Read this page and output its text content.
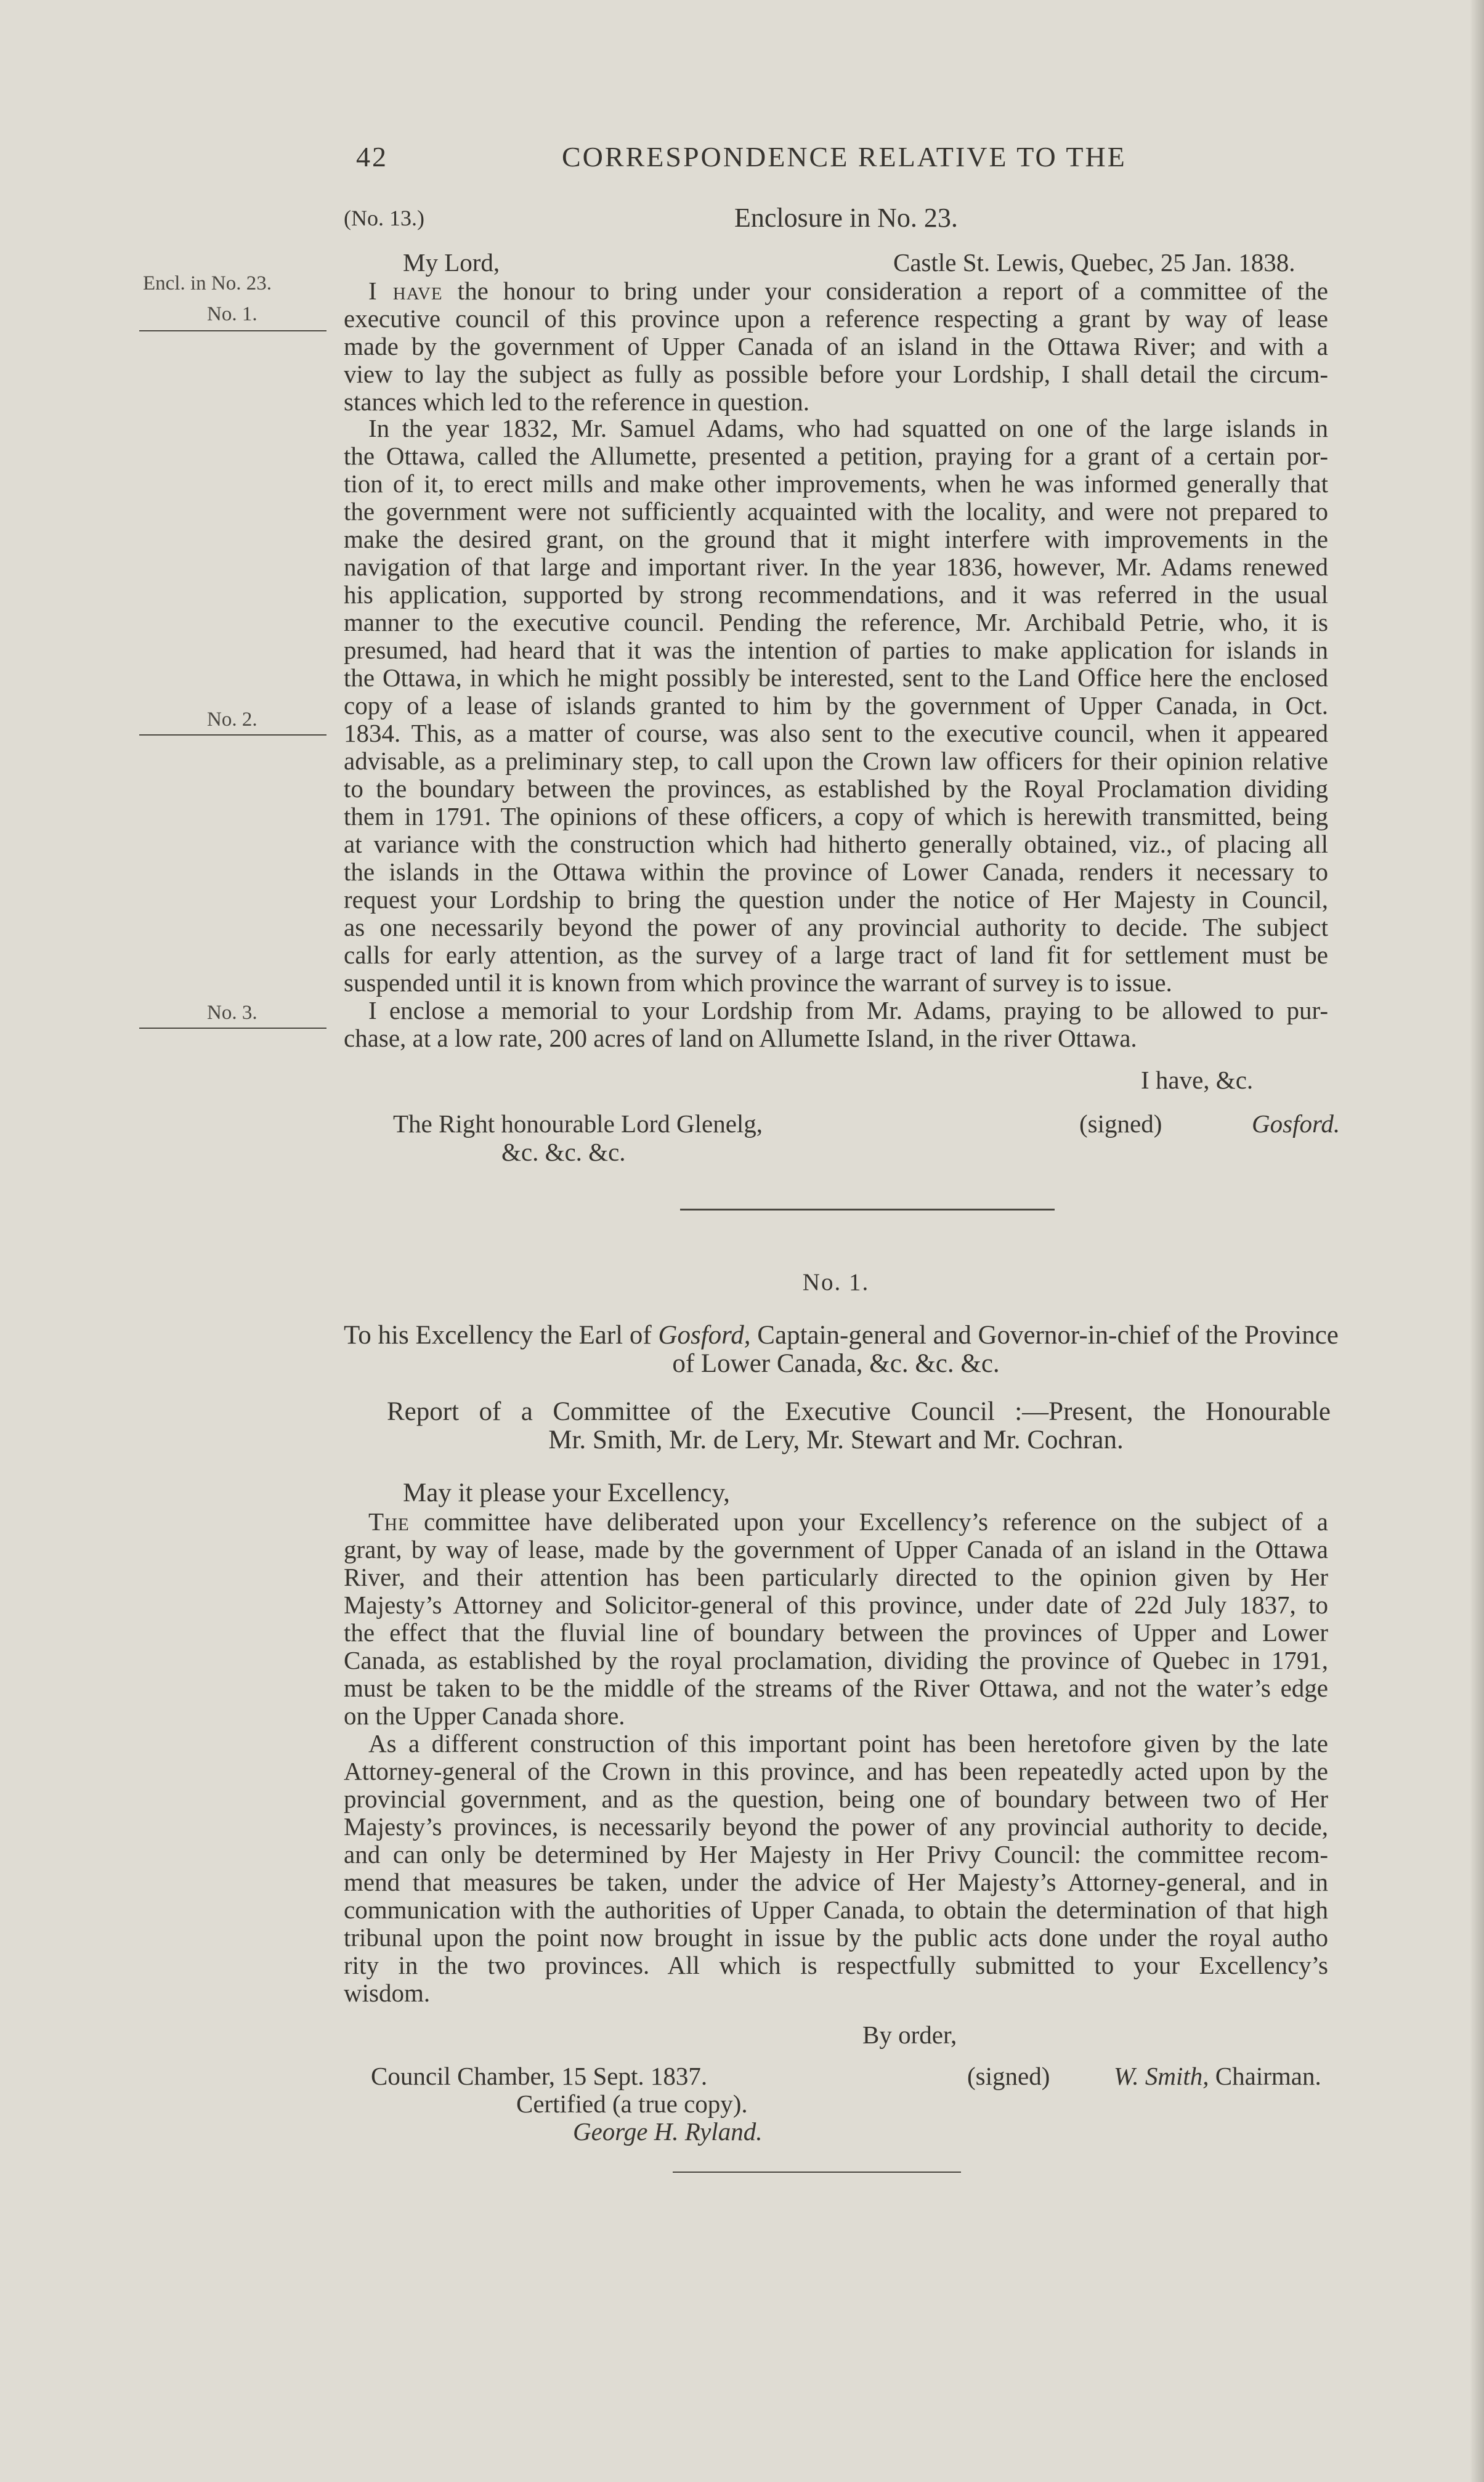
42	CORRESPONDENCE RELATIVE TO THE
(No. 13.)	Enclosure in No. 23.
Encl. in No. 23.
No. 1.
No. 2.
No. 3.
My Lord,	Castle St. Lewis, Quebec, 25 Jan. 1838.
I have the honour to bring under your consideration a report of a committee of the
executive council of this province upon a reference respecting a grant by way of lease
made by the government of Upper Canada of an island in the Ottawa River; and with a
view to lay the subject as fully as possible before your Lordship, I shall detail the circum-
stances which led to the reference in question.
In the year 1832, Mr. Samuel Adams, who had squatted on one of the large islands in
the Ottawa, called the Allumette, presented a petition, praying for a grant of a certain por-
tion of it, to erect mills and make other improvements, when he was informed generally that
the government were not sufficiently acquainted with the locality, and were not prepared to
make the desired grant, on the ground that it might interfere with improvements in the
navigation of that large and important river. In the year 1836, however, Mr. Adams renewed
his application, supported by strong recommendations, and it was referred in the usual
manner to the executive council. Pending the reference, Mr. Archibald Petrie, who, it is
presumed, had heard that it was the intention of parties to make application for islands in
the Ottawa, in which he might possibly be interested, sent to the Land Office here the enclosed
copy of a lease of islands granted to him by the government of Upper Canada, in Oct.
1834. This, as a matter of course, was also sent to the executive council, when it appeared
advisable, as a preliminary step, to call upon the Crown law officers for their opinion relative
to the boundary between the provinces, as established by the Royal Proclamation dividing
them in 1791. The opinions of these officers, a copy of which is herewith transmitted, being
at variance with the construction which had hitherto generally obtained, viz., of placing all
the islands in the Ottawa within the province of Lower Canada, renders it necessary to
request your Lordship to bring the question under the notice of Her Majesty in Council,
as one necessarily beyond the power of any provincial authority to decide. The subject
calls for early attention, as the survey of a large tract of land fit for settlement must be
suspended until it is known from which province the warrant of survey is to issue.
I enclose a memorial to your Lordship from Mr. Adams, praying to be allowed to pur-
chase, at a low rate, 200 acres of land on Allumette Island, in the river Ottawa.
I have, &c.
The Right honourable Lord Glenelg,
&c. &c. &c.
(signed)	Gosford.
No. 1.
To his Excellency the Earl of Gosford, Captain-general and Governor-in-chief of the Province
of Lower Canada, &c. &c. &c.
Report of a Committee of the Executive Council :—Present, the Honourable
Mr. Smith, Mr. de Lery, Mr. Stewart and Mr. Cochran.
May it please your Excellency,
The committee have deliberated upon your Excellency’s reference on the subject of a
grant, by way of lease, made by the government of Upper Canada of an island in the Ottawa
River, and their attention has been particularly directed to the opinion given by Her
Majesty’s Attorney and Solicitor-general of this province, under date of 22d July 1837, to
the effect that the fluvial line of boundary between the provinces of Upper and Lower
Canada, as established by the royal proclamation, dividing the province of Quebec in 1791,
must be taken to be the middle of the streams of the River Ottawa, and not the water’s edge
on the Upper Canada shore.
As a different construction of this important point has been heretofore given by the late
Attorney-general of the Crown in this province, and has been repeatedly acted upon by the
provincial government, and as the question, being one of boundary between two of Her
Majesty’s provinces, is necessarily beyond the power of any provincial authority to decide,
and can only be determined by Her Majesty in Her Privy Council: the committee recom-
mend that measures be taken, under the advice of Her Majesty’s Attorney-general, and in
communication with the authorities of Upper Canada, to obtain the determination of that high
tribunal upon the point now brought in issue by the public acts done under the royal autho
rity in the two provinces. All which is respectfully submitted to your Excellency’s
wisdom.
By order,
Council Chamber, 15 Sept. 1837.	(signed)	W. Smith, Chairman.
Certified (a true copy).
George H. Ryland.
